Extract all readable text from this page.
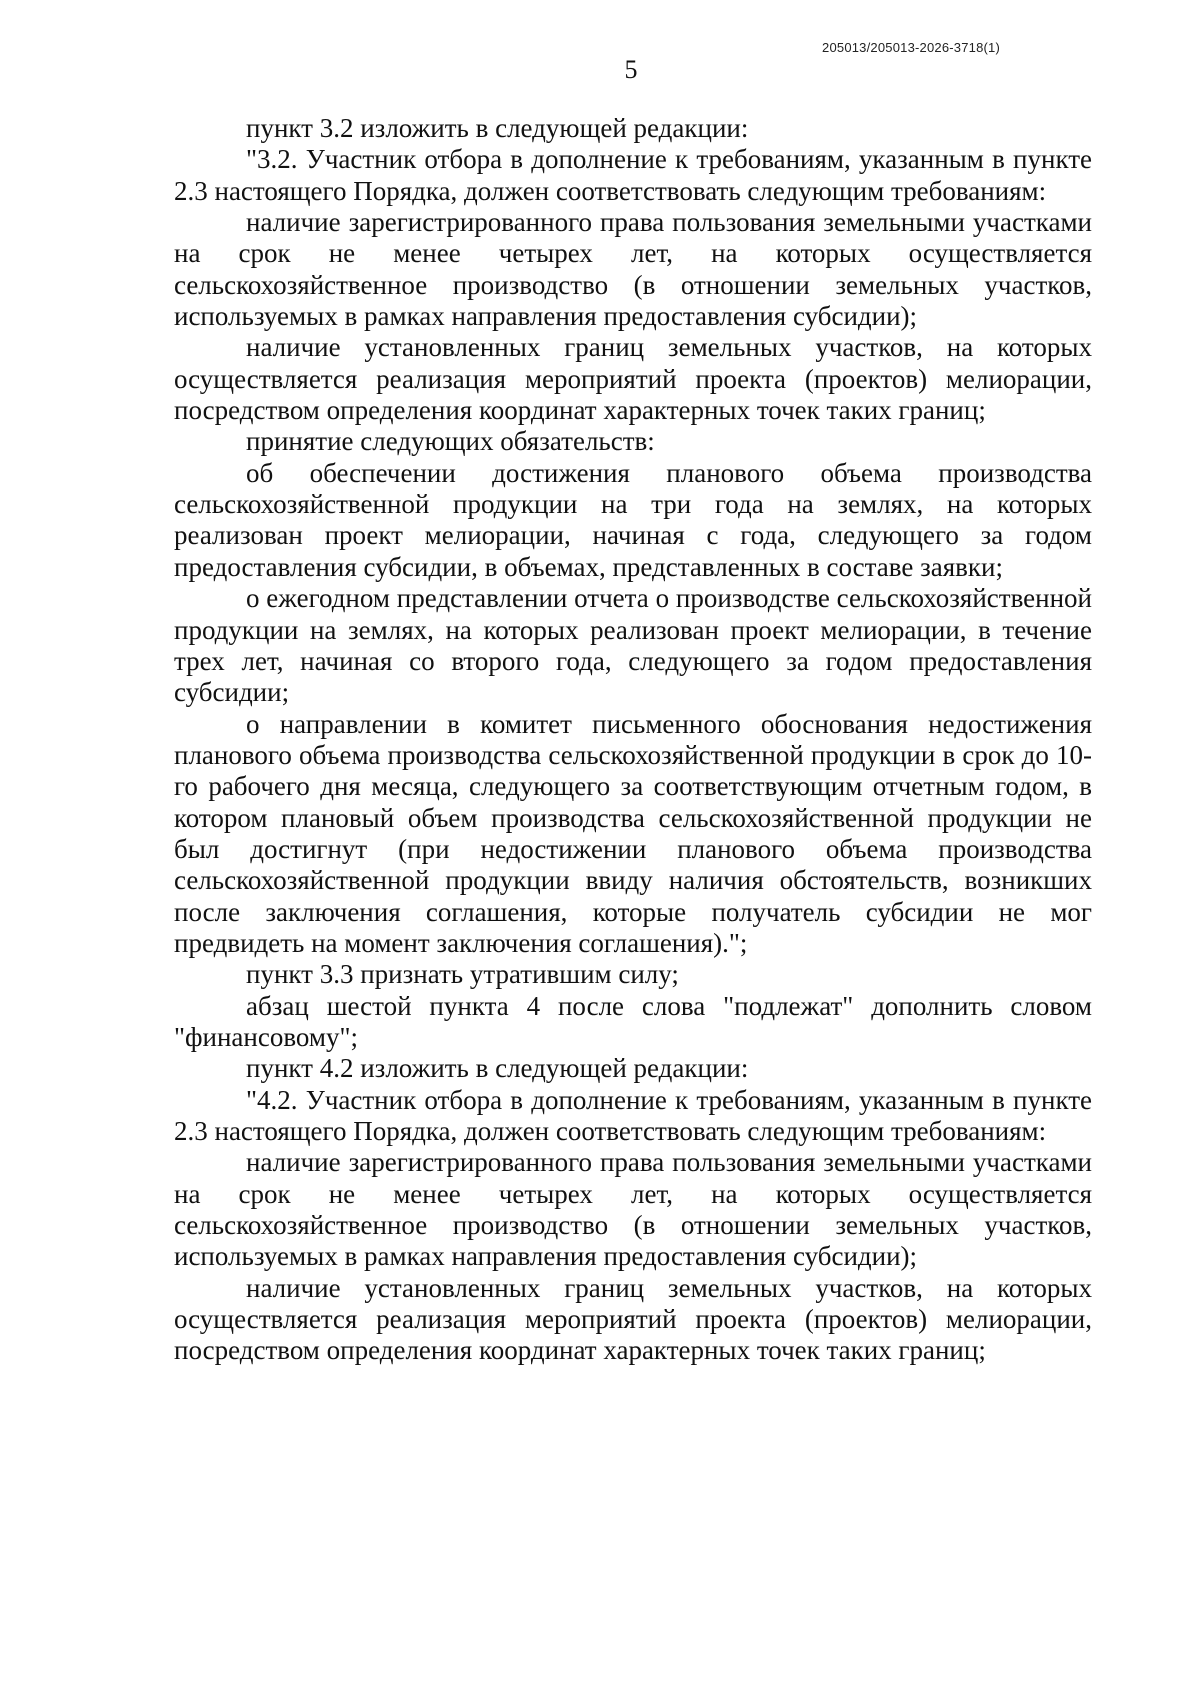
205013/205013-2026-3718(1)
5

пункт 3.2 изложить в следующей редакции:

"3.2. Участник отбора в дополнение к требованиям, указанным в пункте 2.3 настоящего Порядка, должен соответствовать следующим требованиям:

наличие зарегистрированного права пользования земельными участками на срок не менее четырех лет, на которых осуществляется сельскохозяйственное производство (в отношении земельных участков, используемых в рамках направления предоставления субсидии);

наличие установленных границ земельных участков, на которых осуществляется реализация мероприятий проекта (проектов) мелиорации, посредством определения координат характерных точек таких границ;

принятие следующих обязательств:

об обеспечении достижения планового объема производства сельскохозяйственной продукции на три года на землях, на которых реализован проект мелиорации, начиная с года, следующего за годом предоставления субсидии, в объемах, представленных в составе заявки;

о ежегодном представлении отчета о производстве сельскохозяйственной продукции на землях, на которых реализован проект мелиорации, в течение трех лет, начиная со второго года, следующего за годом предоставления субсидии;

о направлении в комитет письменного обоснования недостижения планового объема производства сельскохозяйственной продукции в срок до 10-го рабочего дня месяца, следующего за соответствующим отчетным годом, в котором плановый объем производства сельскохозяйственной продукции не был достигнут (при недостижении планового объема производства сельскохозяйственной продукции ввиду наличия обстоятельств, возникших после заключения соглашения, которые получатель субсидии не мог предвидеть на момент заключения соглашения).";

пункт 3.3 признать утратившим силу;

абзац шестой пункта 4 после слова "подлежат" дополнить словом "финансовому";

пункт 4.2 изложить в следующей редакции:

"4.2. Участник отбора в дополнение к требованиям, указанным в пункте 2.3 настоящего Порядка, должен соответствовать следующим требованиям:

наличие зарегистрированного права пользования земельными участками на срок не менее четырех лет, на которых осуществляется сельскохозяйственное производство (в отношении земельных участков, используемых в рамках направления предоставления субсидии);

наличие установленных границ земельных участков, на которых осуществляется реализация мероприятий проекта (проектов) мелиорации, посредством определения координат характерных точек таких границ;
